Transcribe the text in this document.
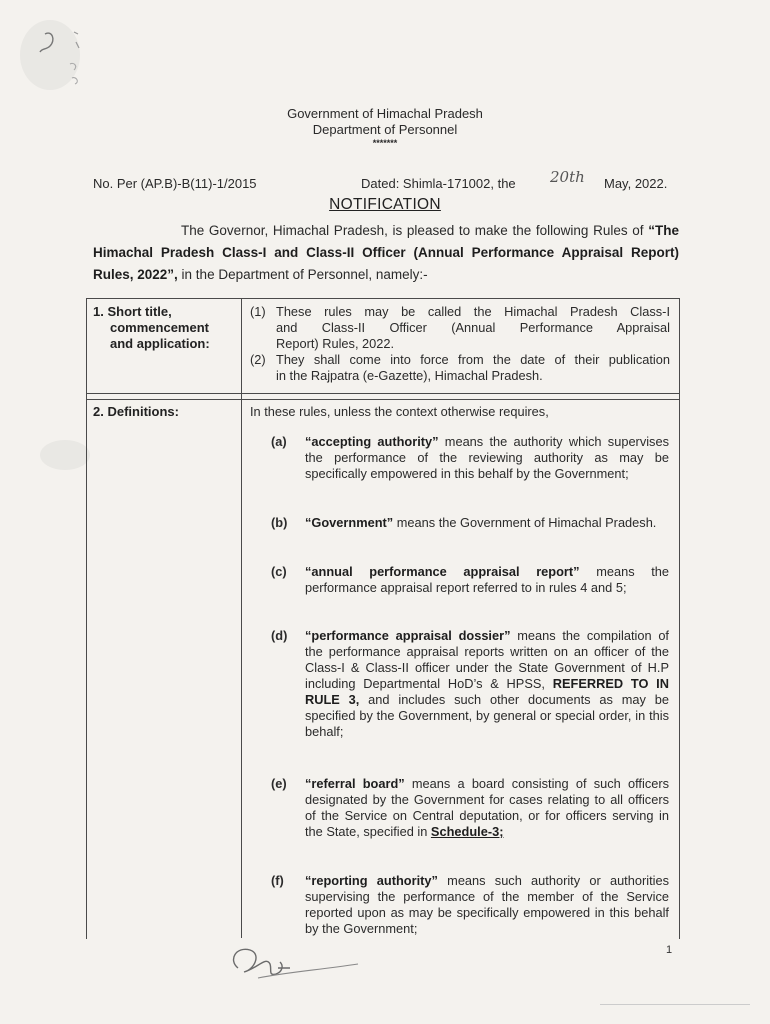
Government of Himachal Pradesh
Department of Personnel
*******
No. Per (AP.B)-B(11)-1/2015	Dated: Shimla-171002, the 20th May, 2022.
NOTIFICATION
The Governor, Himachal Pradesh, is pleased to make the following Rules of “The Himachal Pradesh Class-I and Class-II Officer (Annual Performance Appraisal Report) Rules, 2022”, in the Department of Personnel, namely:-
1. Short title,
commencement
and application:
(1) These rules may be called the Himachal Pradesh Class-I
and Class-II Officer (Annual Performance Appraisal
Report) Rules, 2022.
(2) They shall come into force from the date of their publication
in the Rajpatra (e-Gazette), Himachal Pradesh.
2. Definitions:	In these rules, unless the context otherwise requires,
(a) “accepting authority” means the authority which supervises the performance of the reviewing authority as may be specifically empowered in this behalf by the Government;
(b) “Government” means the Government of Himachal Pradesh.
(c) “annual performance appraisal report” means the performance appraisal report referred to in rules 4 and 5;
(d) “performance appraisal dossier” means the compilation of the performance appraisal reports written on an officer of the Class-I & Class-II officer under the State Government of H.P including Departmental HoD’s & HPSS, REFERRED TO IN RULE 3, and includes such other documents as may be specified by the Government, by general or special order, in this behalf;
(e) “referral board” means a board consisting of such officers designated by the Government for cases relating to all officers of the Service on Central deputation, or for officers serving in the State, specified in Schedule-3;
(f) “reporting authority” means such authority or authorities supervising the performance of the member of the Service reported upon as may be specifically empowered in this behalf by the Government;
1
